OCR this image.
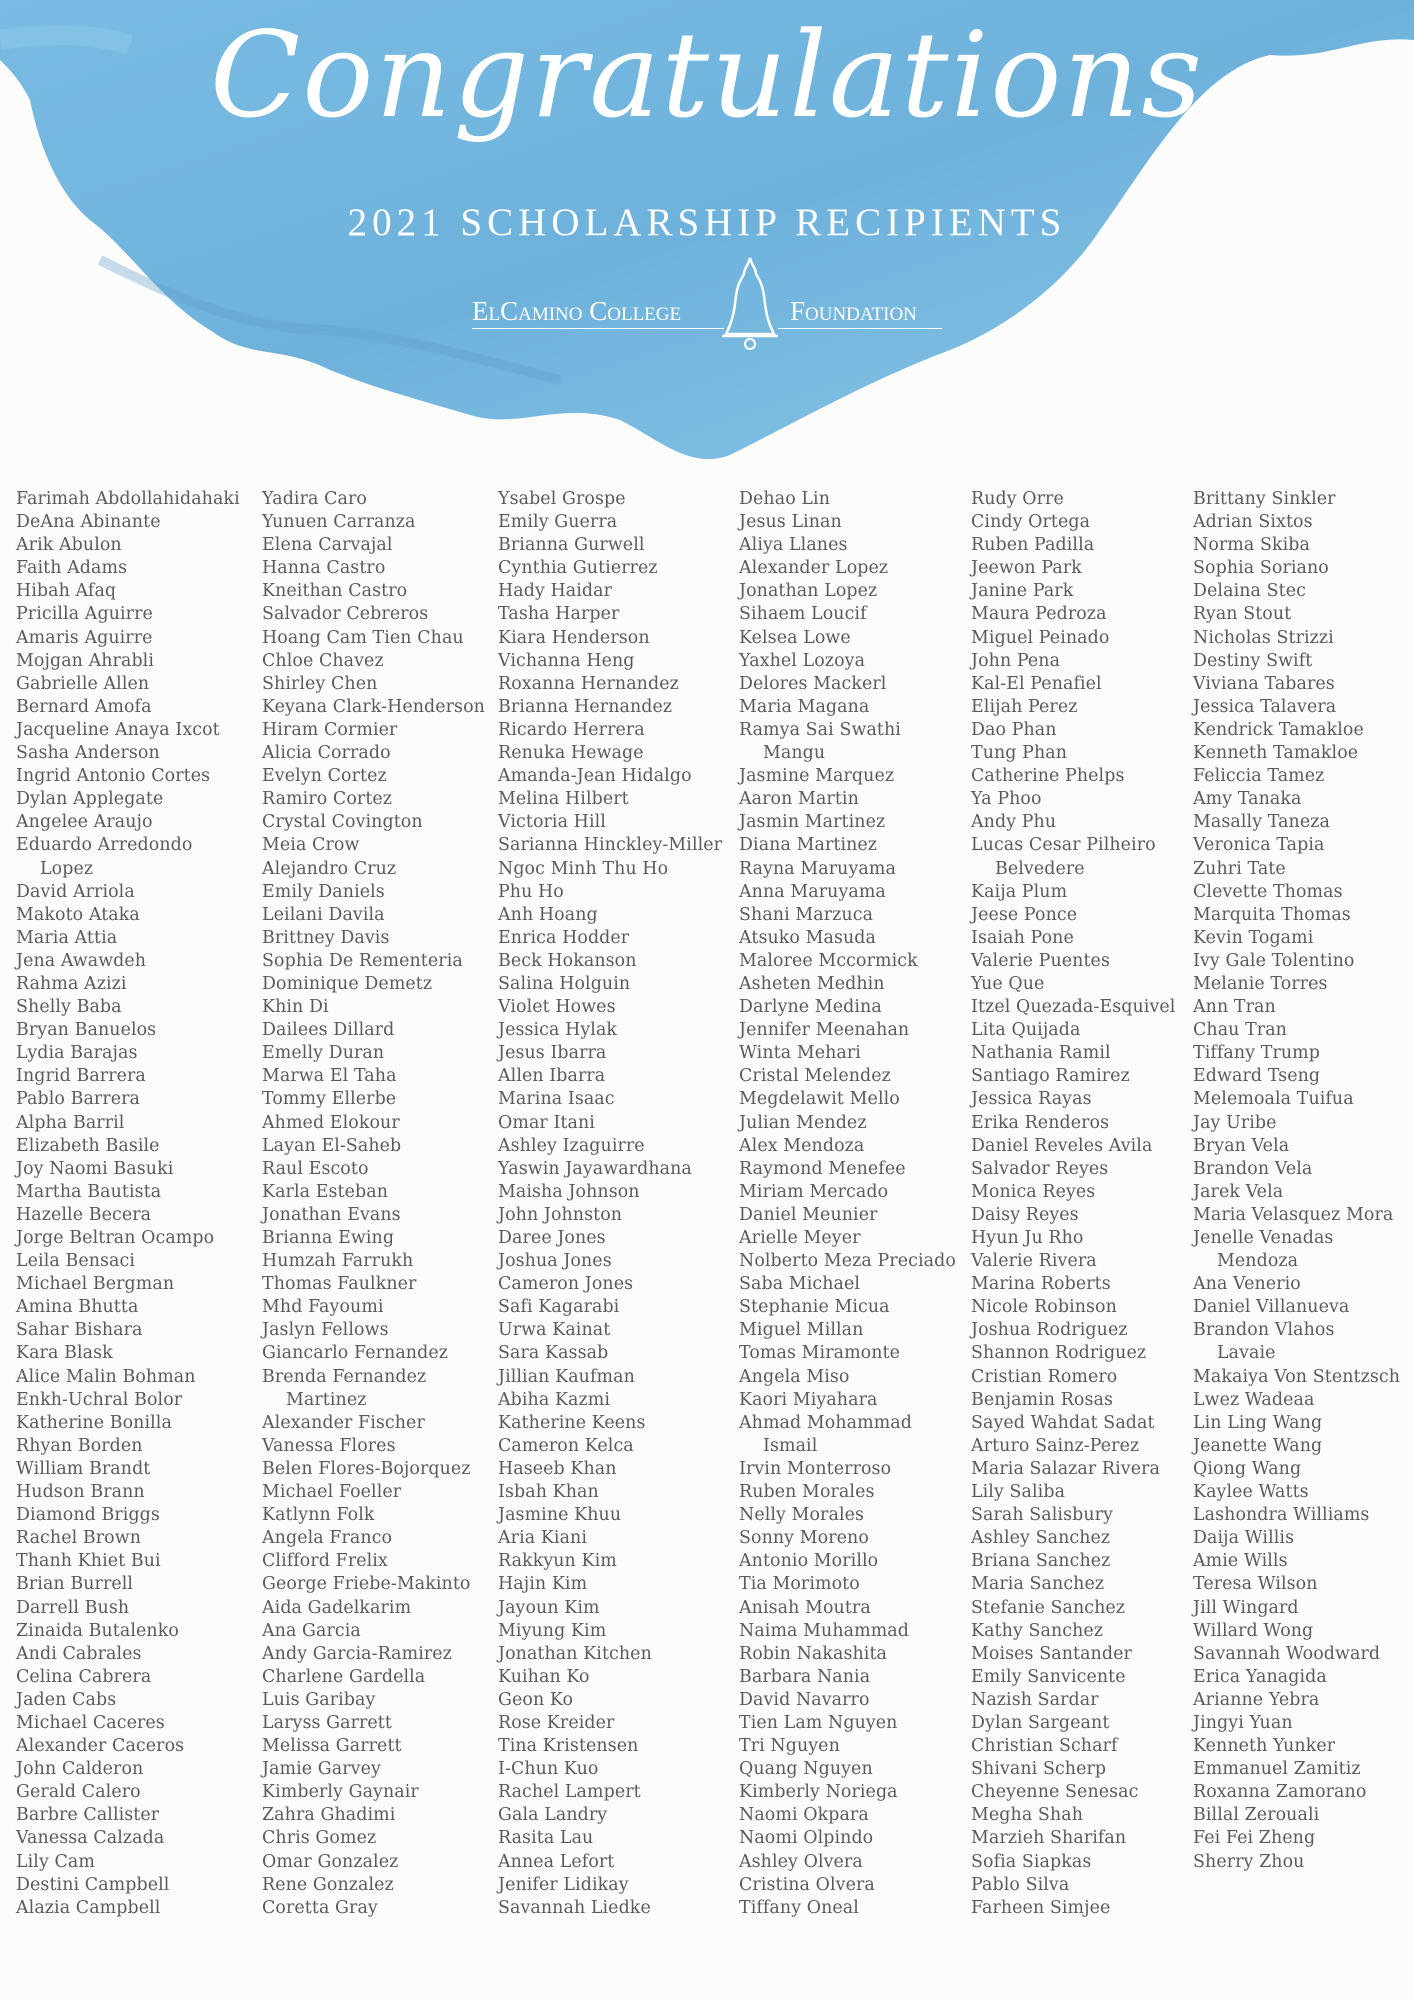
Congratulations
2021 SCHOLARSHIP RECIPIENTS
ElCamino College	Foundation
Farimah Abdollahidahaki
DeAna Abinante
Arik Abulon
Faith Adams
Hibah Afaq
Pricilla Aguirre
Amaris Aguirre
Mojgan Ahrabli
Gabrielle Allen
Bernard Amofa
Jacqueline Anaya Ixcot
Sasha Anderson
Ingrid Antonio Cortes
Dylan Applegate
Angelee Araujo
Eduardo Arredondo
Lopez
David Arriola
Makoto Ataka
Maria Attia
Jena Awawdeh
Rahma Azizi
Shelly Baba
Bryan Banuelos
Lydia Barajas
Ingrid Barrera
Pablo Barrera
Alpha Barril
Elizabeth Basile
Joy Naomi Basuki
Martha Bautista
Hazelle Becera
Jorge Beltran Ocampo
Leila Bensaci
Michael Bergman
Amina Bhutta
Sahar Bishara
Kara Blask
Alice Malin Bohman
Enkh-Uchral Bolor
Katherine Bonilla
Rhyan Borden
William Brandt
Hudson Brann
Diamond Briggs
Rachel Brown
Thanh Khiet Bui
Brian Burrell
Darrell Bush
Zinaida Butalenko
Andi Cabrales
Celina Cabrera
Jaden Cabs
Michael Caceres
Alexander Caceros
John Calderon
Gerald Calero
Barbre Callister
Vanessa Calzada
Lily Cam
Destini Campbell
Alazia Campbell
Yadira Caro
Yunuen Carranza
Elena Carvajal
Hanna Castro
Kneithan Castro
Salvador Cebreros
Hoang Cam Tien Chau
Chloe Chavez
Shirley Chen
Keyana Clark-Henderson
Hiram Cormier
Alicia Corrado
Evelyn Cortez
Ramiro Cortez
Crystal Covington
Meia Crow
Alejandro Cruz
Emily Daniels
Leilani Davila
Brittney Davis
Sophia De Rementeria
Dominique Demetz
Khin Di
Dailees Dillard
Emelly Duran
Marwa El Taha
Tommy Ellerbe
Ahmed Elokour
Layan El-Saheb
Raul Escoto
Karla Esteban
Jonathan Evans
Brianna Ewing
Humzah Farrukh
Thomas Faulkner
Mhd Fayoumi
Jaslyn Fellows
Giancarlo Fernandez
Brenda Fernandez
Martinez
Alexander Fischer
Vanessa Flores
Belen Flores-Bojorquez
Michael Foeller
Katlynn Folk
Angela Franco
Clifford Frelix
George Friebe-Makinto
Aida Gadelkarim
Ana Garcia
Andy Garcia-Ramirez
Charlene Gardella
Luis Garibay
Laryss Garrett
Melissa Garrett
Jamie Garvey
Kimberly Gaynair
Zahra Ghadimi
Chris Gomez
Omar Gonzalez
Rene Gonzalez
Coretta Gray
Ysabel Grospe
Emily Guerra
Brianna Gurwell
Cynthia Gutierrez
Hady Haidar
Tasha Harper
Kiara Henderson
Vichanna Heng
Roxanna Hernandez
Brianna Hernandez
Ricardo Herrera
Renuka Hewage
Amanda-Jean Hidalgo
Melina Hilbert
Victoria Hill
Sarianna Hinckley-Miller
Ngoc Minh Thu Ho
Phu Ho
Anh Hoang
Enrica Hodder
Beck Hokanson
Salina Holguin
Violet Howes
Jessica Hylak
Jesus Ibarra
Allen Ibarra
Marina Isaac
Omar Itani
Ashley Izaguirre
Yaswin Jayawardhana
Maisha Johnson
John Johnston
Daree Jones
Joshua Jones
Cameron Jones
Safi Kagarabi
Urwa Kainat
Sara Kassab
Jillian Kaufman
Abiha Kazmi
Katherine Keens
Cameron Kelca
Haseeb Khan
Isbah Khan
Jasmine Khuu
Aria Kiani
Rakkyun Kim
Hajin Kim
Jayoun Kim
Miyung Kim
Jonathan Kitchen
Kuihan Ko
Geon Ko
Rose Kreider
Tina Kristensen
I-Chun Kuo
Rachel Lampert
Gala Landry
Rasita Lau
Annea Lefort
Jenifer Lidikay
Savannah Liedke
Dehao Lin
Jesus Linan
Aliya Llanes
Alexander Lopez
Jonathan Lopez
Sihaem Loucif
Kelsea Lowe
Yaxhel Lozoya
Delores Mackerl
Maria Magana
Ramya Sai Swathi
Mangu
Jasmine Marquez
Aaron Martin
Jasmin Martinez
Diana Martinez
Rayna Maruyama
Anna Maruyama
Shani Marzuca
Atsuko Masuda
Maloree Mccormick
Asheten Medhin
Darlyne Medina
Jennifer Meenahan
Winta Mehari
Cristal Melendez
Megdelawit Mello
Julian Mendez
Alex Mendoza
Raymond Menefee
Miriam Mercado
Daniel Meunier
Arielle Meyer
Nolberto Meza Preciado
Saba Michael
Stephanie Micua
Miguel Millan
Tomas Miramonte
Angela Miso
Kaori Miyahara
Ahmad Mohammad
Ismail
Irvin Monterroso
Ruben Morales
Nelly Morales
Sonny Moreno
Antonio Morillo
Tia Morimoto
Anisah Moutra
Naima Muhammad
Robin Nakashita
Barbara Nania
David Navarro
Tien Lam Nguyen
Tri Nguyen
Quang Nguyen
Kimberly Noriega
Naomi Okpara
Naomi Olpindo
Ashley Olvera
Cristina Olvera
Tiffany Oneal
Rudy Orre
Cindy Ortega
Ruben Padilla
Jeewon Park
Janine Park
Maura Pedroza
Miguel Peinado
John Pena
Kal-El Penafiel
Elijah Perez
Dao Phan
Tung Phan
Catherine Phelps
Ya Phoo
Andy Phu
Lucas Cesar Pilheiro
Belvedere
Kaija Plum
Jeese Ponce
Isaiah Pone
Valerie Puentes
Yue Que
Itzel Quezada-Esquivel
Lita Quijada
Nathania Ramil
Santiago Ramirez
Jessica Rayas
Erika Renderos
Daniel Reveles Avila
Salvador Reyes
Monica Reyes
Daisy Reyes
Hyun Ju Rho
Valerie Rivera
Marina Roberts
Nicole Robinson
Joshua Rodriguez
Shannon Rodriguez
Cristian Romero
Benjamin Rosas
Sayed Wahdat Sadat
Arturo Sainz-Perez
Maria Salazar Rivera
Lily Saliba
Sarah Salisbury
Ashley Sanchez
Briana Sanchez
Maria Sanchez
Stefanie Sanchez
Kathy Sanchez
Moises Santander
Emily Sanvicente
Nazish Sardar
Dylan Sargeant
Christian Scharf
Shivani Scherp
Cheyenne Senesac
Megha Shah
Marzieh Sharifan
Sofia Siapkas
Pablo Silva
Farheen Simjee
Brittany Sinkler
Adrian Sixtos
Norma Skiba
Sophia Soriano
Delaina Stec
Ryan Stout
Nicholas Strizzi
Destiny Swift
Viviana Tabares
Jessica Talavera
Kendrick Tamakloe
Kenneth Tamakloe
Feliccia Tamez
Amy Tanaka
Masally Taneza
Veronica Tapia
Zuhri Tate
Clevette Thomas
Marquita Thomas
Kevin Togami
Ivy Gale Tolentino
Melanie Torres
Ann Tran
Chau Tran
Tiffany Trump
Edward Tseng
Melemoala Tuifua
Jay Uribe
Bryan Vela
Brandon Vela
Jarek Vela
Maria Velasquez Mora
Jenelle Venadas
Mendoza
Ana Venerio
Daniel Villanueva
Brandon Vlahos
Lavaie
Makaiya Von Stentzsch
Lwez Wadeaa
Lin Ling Wang
Jeanette Wang
Qiong Wang
Kaylee Watts
Lashondra Williams
Daija Willis
Amie Wills
Teresa Wilson
Jill Wingard
Willard Wong
Savannah Woodward
Erica Yanagida
Arianne Yebra
Jingyi Yuan
Kenneth Yunker
Emmanuel Zamitiz
Roxanna Zamorano
Billal Zerouali
Fei Fei Zheng
Sherry Zhou
